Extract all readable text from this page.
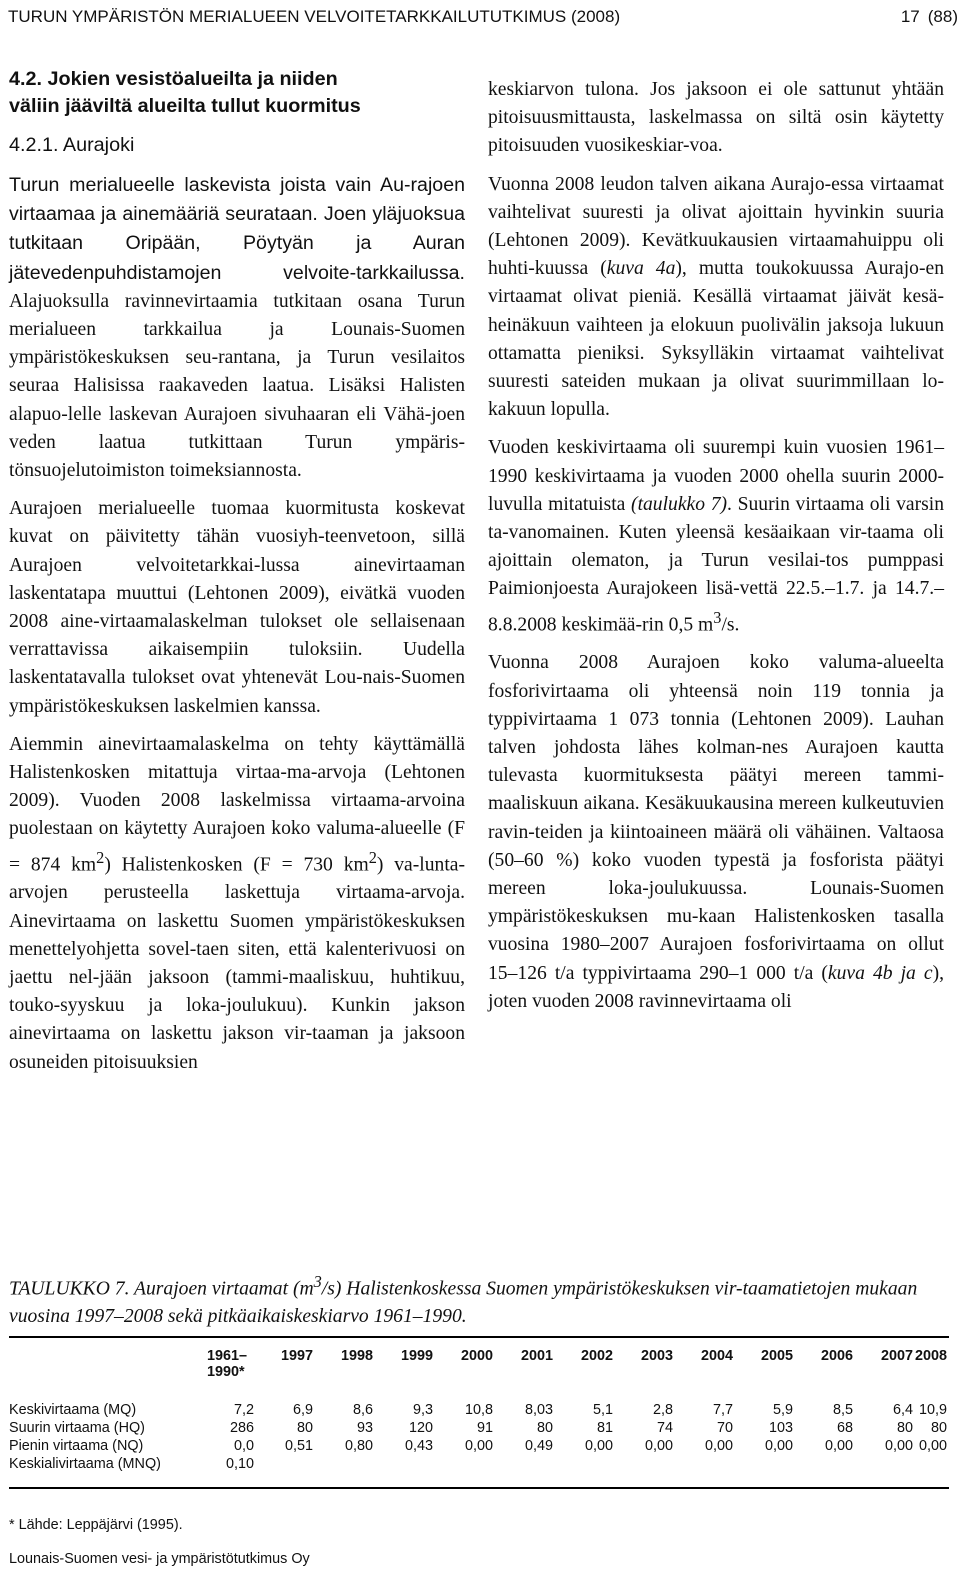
TURUN YMPÄRISTÖN MERIALUEEN VELVOITETARKKAILUTUTKIMUS (2008)	17 (88)
4.2. Jokien vesistöalueilta ja niiden
väliin jääviltä alueilta tullut kuormitus
4.2.1. Aurajoki

Turun merialueelle laskevista joista vain Au-rajoen virtaamaa ja ainemääriä seurataan. Joen yläjuoksua tutkitaan Oripään, Pöytyän ja Auran jätevedenpuhdistamojen velvoite-tarkkailussa. Alajuoksulla ravinnevirtaamia tutkitaan osana Turun merialueen tarkkailua ja Lounais-Suomen ympäristökeskuksen seu-rantana, ja Turun vesilaitos seuraa Halisissa raakaveden laatua. Lisäksi Halisten alapuo-lelle laskevan Aurajoen sivuhaaran eli Vähä-joen veden laatua tutkittaan Turun ympäris-tönsuojelutoimiston toimeksiannosta.

Aurajoen merialueelle tuomaa kuormitusta koskevat kuvat on päivitetty tähän vuosiyh-teenvetoon, sillä Aurajoen velvoitetarkkai-lussa ainevirtaaman laskentatapa muuttui (Lehtonen 2009), eivätkä vuoden 2008 aine-virtaamalaskelman tulokset ole sellaisenaan verrattavissa aikaisempiin tuloksiin. Uudella laskentatavalla tulokset ovat yhtenevät Lou-nais-Suomen ympäristökeskuksen laskelmien kanssa.

Aiemmin ainevirtaamalaskelma on tehty käyttämällä Halistenkosken mitattuja virtaa-ma-arvoja (Lehtonen 2009). Vuoden 2008 laskelmissa virtaama-arvoina puolestaan on käytetty Aurajoen koko valuma-alueelle (F = 874 $km^2$) Halistenkosken (F = 730 $km^2$) va-lunta-arvojen perusteella laskettuja virtaama-arvoja. Ainevirtaama on laskettu Suomen ympäristökeskuksen menettelyohjetta sovel-taen siten, että kalenterivuosi on jaettu nel-jään jaksoon (tammi-maaliskuu, huhtikuu, touko-syyskuu ja loka-joulukuu). Kunkin jakson ainevirtaama on laskettu jakson vir-taaman ja jaksoon osuneiden pitoisuuksien

keskiarvon tulona. Jos jaksoon ei ole sattunut yhtään pitoisuusmittausta, laskelmassa on siltä osin käytetty pitoisuuden vuosikeskiar-voa.

Vuonna 2008 leudon talven aikana Aurajo-essa virtaamat vaihtelivat suuresti ja olivat ajoittain hyvinkin suuria (Lehtonen 2009). Kevätkuukausien virtaamahuippu oli huhti-kuussa (kuva 4a), mutta toukokuussa Aurajo-en virtaamat olivat pieniä. Kesällä virtaamat jäivät kesä-heinäkuun vaihteen ja elokuun puolivälin jaksoja lukuun ottamatta pieniksi. Syksylläkin virtaamat vaihtelivat suuresti sateiden mukaan ja olivat suurimmillaan lo-kakuun lopulla.

Vuoden keskivirtaama oli suurempi kuin vuosien 1961–1990 keskivirtaama ja vuoden 2000 ohella suurin 2000-luvulla mitatuista (taulukko 7). Suurin virtaama oli varsin ta-vanomainen. Kuten yleensä kesäaikaan vir-taama oli ajoittain olematon, ja Turun vesilai-tos pumppasi Paimionjoesta Aurajokeen lisä-vettä 22.5.–1.7. ja 14.7.–8.8.2008 keskimää-rin 0,5 $m^3/s$.

Vuonna 2008 Aurajoen koko valuma-alueelta fosforivirtaama oli yhteensä noin 119 tonnia ja typpivirtaama 1 073 tonnia (Lehtonen 2009). Lauhan talven johdosta lähes kolman-nes Aurajoen kautta tulevasta kuormituksesta päätyi mereen tammi-maaliskuun aikana. Kesäkuukausina mereen kulkeutuvien ravin-teiden ja kiintoaineen määrä oli vähäinen. Valtaosa (50–60 %) koko vuoden typestä ja fosforista päätyi mereen loka-joulukuussa. Lounais-Suomen ympäristökeskuksen mu-kaan Halistenkosken tasalla vuosina 1980–2007 Aurajoen fosforivirtaama on ollut 15–126 t/a typpivirtaama 290–1 000 t/a (kuva 4b ja c), joten vuoden 2008 ravinnevirtaama oli

TAULUKKO 7. Aurajoen virtaamat $(m^3/s)$ Halistenkoskessa Suomen ympäristökeskuksen vir-taamatietojen mukaan vuosina 1997–2008 sekä pitkäaikaiskeskiarvo 1961–1990.
1961–
1990*
1997 1998 1999 2000 2001 2002 2003 2004 2005 2006 2007 2008
Keskivirtaama (MQ)	7,2	6,9	8,6	9,3 10,8 8,03	5,1	2,8	7,7	5,9	8,5	6,4 10,9
Suurin virtaama (HQ)	286	80	93 120	91	80	81	74	70 103	68	80 80
Pienin virtaama (NQ)	0,0 0,51 0,80 0,43 0,00 0,49 0,00 0,00 0,00 0,00 0,00 0,00 0,00
Keskialivirtaama (MNQ)	0,10
* Lähde: Leppäjärvi (1995).
Lounais-Suomen vesi- ja ympäristötutkimus Oy
